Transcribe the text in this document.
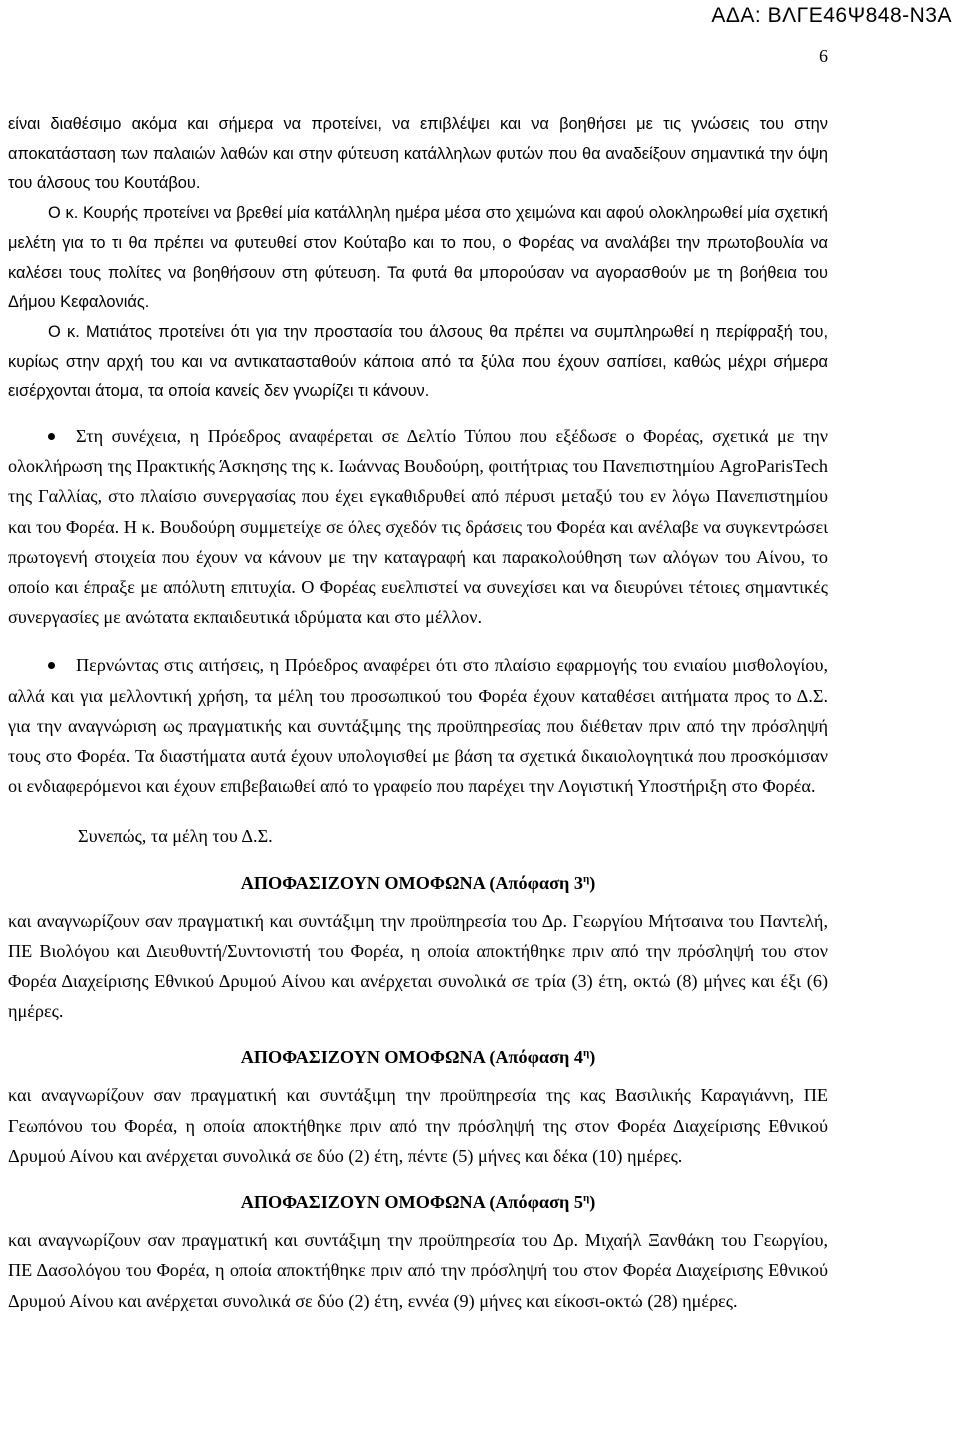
ΑΔΑ: ΒΛΓΕ46Ψ848-Ν3Α
6

είναι διαθέσιμο ακόμα και σήμερα να προτείνει, να επιβλέψει και να βοηθήσει με τις γνώσεις του στην αποκατάσταση των παλαιών λαθών και στην φύτευση κατάλληλων φυτών που θα αναδείξουν σημαντικά την όψη του άλσους του Κουτάβου.

Ο κ. Κουρής προτείνει να βρεθεί μία κατάλληλη ημέρα μέσα στο χειμώνα και αφού ολοκληρωθεί μία σχετική μελέτη για το τι θα πρέπει να φυτευθεί στον Κούταβο και το που, ο Φορέας να αναλάβει την πρωτοβουλία να καλέσει τους πολίτες να βοηθήσουν στη φύτευση. Τα φυτά θα μπορούσαν να αγορασθούν με τη βοήθεια του Δήμου Κεφαλονιάς.

Ο κ. Ματιάτος προτείνει ότι για την προστασία του άλσους θα πρέπει να συμπληρωθεί η περίφραξή του, κυρίως στην αρχή του και να αντικατασταθούν κάποια από τα ξύλα που έχουν σαπίσει, καθώς μέχρι σήμερα εισέρχονται άτομα, τα οποία κανείς δεν γνωρίζει τι κάνουν.

Στη συνέχεια, η Πρόεδρος αναφέρεται σε Δελτίο Τύπου που εξέδωσε ο Φορέας, σχετικά με την ολοκλήρωση της Πρακτικής Άσκησης της κ. Ιωάννας Βουδούρη, φοιτήτριας του Πανεπιστημίου AgroParisTech της Γαλλίας, στο πλαίσιο συνεργασίας που έχει εγκαθιδρυθεί από πέρυσι μεταξύ του εν λόγω Πανεπιστημίου και του Φορέα. Η κ. Βουδούρη συμμετείχε σε όλες σχεδόν τις δράσεις του Φορέα και ανέλαβε να συγκεντρώσει πρωτογενή στοιχεία που έχουν να κάνουν με την καταγραφή και παρακολούθηση των αλόγων του Αίνου, το οποίο και έπραξε με απόλυτη επιτυχία. Ο Φορέας ευελπιστεί να συνεχίσει και να διευρύνει τέτοιες σημαντικές συνεργασίες με ανώτατα εκπαιδευτικά ιδρύματα και στο μέλλον.

Περνώντας στις αιτήσεις, η Πρόεδρος αναφέρει ότι στο πλαίσιο εφαρμογής του ενιαίου μισθολογίου, αλλά και για μελλοντική χρήση, τα μέλη του προσωπικού του Φορέα έχουν καταθέσει αιτήματα προς το Δ.Σ. για την αναγνώριση ως πραγματικής και συντάξιμης της προϋπηρεσίας που διέθεταν πριν από την πρόσληψή τους στο Φορέα. Τα διαστήματα αυτά έχουν υπολογισθεί με βάση τα σχετικά δικαιολογητικά που προσκόμισαν οι ενδιαφερόμενοι και έχουν επιβεβαιωθεί από το γραφείο που παρέχει την Λογιστική Υποστήριξη στο Φορέα.

Συνεπώς, τα μέλη του Δ.Σ.

ΑΠΟΦΑΣΙΖΟΥΝ ΟΜΟΦΩΝΑ (Απόφαση $3^\eta$)

και αναγνωρίζουν σαν πραγματική και συντάξιμη την προϋπηρεσία του Δρ. Γεωργίου Μήτσαινα του Παντελή, ΠΕ Βιολόγου και Διευθυντή/Συντονιστή του Φορέα, η οποία αποκτήθηκε πριν από την πρόσληψή του στον Φορέα Διαχείρισης Εθνικού Δρυμού Αίνου και ανέρχεται συνολικά σε τρία (3) έτη, οκτώ (8) μήνες και έξι (6) ημέρες.

ΑΠΟΦΑΣΙΖΟΥΝ ΟΜΟΦΩΝΑ (Απόφαση $4^\eta$)

και αναγνωρίζουν σαν πραγματική και συντάξιμη την προϋπηρεσία της κας Βασιλικής Καραγιάννη, ΠΕ Γεωπόνου του Φορέα, η οποία αποκτήθηκε πριν από την πρόσληψή της στον Φορέα Διαχείρισης Εθνικού Δρυμού Αίνου και ανέρχεται συνολικά σε δύο (2) έτη, πέντε (5) μήνες και δέκα (10) ημέρες.

ΑΠΟΦΑΣΙΖΟΥΝ ΟΜΟΦΩΝΑ (Απόφαση $5^\eta$)

και αναγνωρίζουν σαν πραγματική και συντάξιμη την προϋπηρεσία του Δρ. Μιχαήλ Ξανθάκη του Γεωργίου, ΠΕ Δασολόγου του Φορέα, η οποία αποκτήθηκε πριν από την πρόσληψή του στον Φορέα Διαχείρισης Εθνικού Δρυμού Αίνου και ανέρχεται συνολικά σε δύο (2) έτη, εννέα (9) μήνες και είκοσι-οκτώ (28) ημέρες.
